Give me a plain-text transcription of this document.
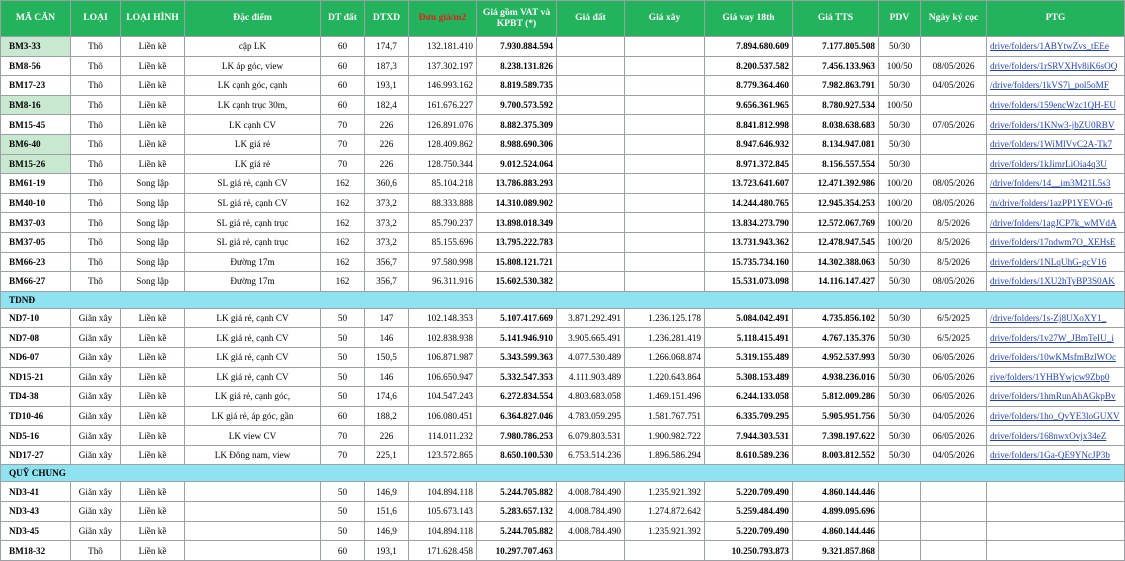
MÃ CĂN	LOẠI	LOẠI HÌNH	Đặc điểm	DT đất	DTXD	Đơn giá/m2	Giá gồm VAT và KPBT (*)	Giá đất	Giá xây	Giá vay 18th	Giá TTS	PDV	Ngày ký cọc	PTG
BM3-33	Thô	Liền kề	cập LK	60	174,7	132.181.410	7.930.884.594			7.894.680.609	7.177.805.508	50/30		drive/folders/1ABYtwZvs_tEEe
BM8-56	Thô	Liền kề	LK áp góc, view	60	187,3	137.302.197	8.238.131.826			8.200.537.582	7.456.133.963	100/50	08/05/2026	drive/folders/1rSRVXHv8iK6sOQ
BM17-23	Thô	Liền kề	LK cạnh góc, cạnh	60	193,1	146.993.162	8.819.589.735			8.779.364.460	7.982.863.791	50/30	04/05/2026	/drive/folders/1kVS7j_pol5oMF
BM8-16	Thô	Liền kề	LK cạnh trục 30m,	60	182,4	161.676.227	9.700.573.592			9.656.361.965	8.780.927.534	100/50		drive/folders/159encWzc1QH-EU
BM15-45	Thô	Liền kề	LK cạnh CV	70	226	126.891.076	8.882.375.309			8.841.812.998	8.038.638.683	50/30	07/05/2026	drive/folders/1KNw3-jbZU0RBV
BM6-40	Thô	Liền kề	LK giá rẻ	70	226	128.409.862	8.988.690.306			8.947.646.932	8.134.947.081	50/30		drive/folders/1WiMlVvC2A-Tk7
BM15-26	Thô	Liền kề	LK giá rẻ	70	226	128.750.344	9.012.524.064			8.971.372.845	8.156.557.554	50/30		drive/folders/1kJimrLiOia4q3U
BM61-19	Thô	Song lập	SL giá rẻ, cạnh CV	162	360,6	85.104.218	13.786.883.293			13.723.641.607	12.471.392.986	100/20	08/05/2026	/drive/folders/14__im3M21L5s3
BM40-10	Thô	Song lập	SL giá rẻ, cạnh CV	162	373,2	88.333.888	14.310.089.902			14.244.480.765	12.945.354.253	100/20	08/05/2026	/n/drive/folders/1azPP1YEVO-t6
BM37-03	Thô	Song lập	SL giá rẻ, cạnh trục	162	373,2	85.790.237	13.898.018.349			13.834.273.790	12.572.067.769	100/20	8/5/2026	/drive/folders/1agJCP7k_wMVdA
BM37-05	Thô	Song lập	SL giá rẻ, cạnh trục	162	373,2	85.155.696	13.795.222.783			13.731.943.362	12.478.947.545	100/20	8/5/2026	drive/folders/17ndwm7O_XEHsE
BM66-23	Thô	Song lập	Đường 17m	162	356,7	97.580.998	15.808.121.721			15.735.734.160	14.302.388.063	50/30	8/5/2026	drive/folders/1NLqUhG-gcV16
BM66-27	Thô	Song lập	Đường 17m	162	356,7	96.311.916	15.602.530.382			15.531.073.098	14.116.147.427	50/30	08/05/2026	drive/folders/1XU2hTyBP3S0AK
TDNĐ														
ND7-10	Giãn xây	Liền kề	LK giá rẻ, cạnh CV	50	147	102.148.353	5.107.417.669	3.871.292.491	1.236.125.178	5.084.042.491	4.735.856.102	50/30	6/5/2025	/drive/folders/1s-Zj8UXoXY1_
ND7-08	Giãn xây	Liền kề	LK giá rẻ, cạnh CV	50	146	102.838.938	5.141.946.910	3.905.665.491	1.236.281.419	5.118.415.491	4.767.135.376	50/30	6/5/2025	drive/folders/1v27W_JBmTeIU_i
ND6-07	Giãn xây	Liền kề	LK giá rẻ, cạnh CV	50	150,5	106.871.987	5.343.599.363	4.077.530.489	1.266.068.874	5.319.155.489	4.952.537.993	50/30	06/05/2026	drive/folders/10wKMsfmBzlWOc
ND15-21	Giãn xây	Liền kề	LK giá rẻ, cạnh CV	50	146	106.650.947	5.332.547.353	4.111.903.489	1.220.643.864	5.308.153.489	4.938.236.016	50/30	06/05/2026	rive/folders/1YHBYwjcw9Zbp0
TD4-38	Giãn xây	Liền kề	LK giá rẻ, cạnh góc,	50	174,6	104.547.243	6.272.834.554	4.803.683.058	1.469.151.496	6.244.133.058	5.812.009.286	50/30	06/05/2026	drive/folders/1hmRunAhAGkpBv
TD10-46	Giãn xây	Liền kề	LK giá rẻ, áp góc, gần	60	188,2	106.080.451	6.364.827.046	4.783.059.295	1.581.767.751	6.335.709.295	5.905.951.756	50/30	04/05/2026	drive/folders/1ho_QvYE3loGUXV
ND5-16	Giãn xây	Liền kề	LK view CV	70	226	114.011.232	7.980.786.253	6.079.803.531	1.900.982.722	7.944.303.531	7.398.197.622	50/30	06/05/2026	drive/folders/168nwxOvjx34eZ
ND17-27	Giãn xây	Liền kề	LK Đông nam, view	70	225,1	123.572.865	8.650.100.530	6.753.514.236	1.896.586.294	8.610.589.236	8.003.812.552	50/30	04/05/2026	drive/folders/1Ga-QE9YNcJP3b
QUỸ CHUNG														
ND3-41	Giãn xây	Liền kề		50	146,9	104.894.118	5.244.705.882	4.008.784.490	1.235.921.392	5.220.709.490	4.860.144.446			
ND3-43	Giãn xây	Liền kề		50	151,6	105.673.143	5.283.657.132	4.008.784.490	1.274.872.642	5.259.484.490	4.899.095.696			
ND3-45	Giãn xây	Liền kề		50	146,9	104.894.118	5.244.705.882	4.008.784.490	1.235.921.392	5.220.709.490	4.860.144.446			
BM18-32	Thô	Liền kề		60	193,1	171.628.458	10.297.707.463			10.250.793.873	9.321.857.868			
